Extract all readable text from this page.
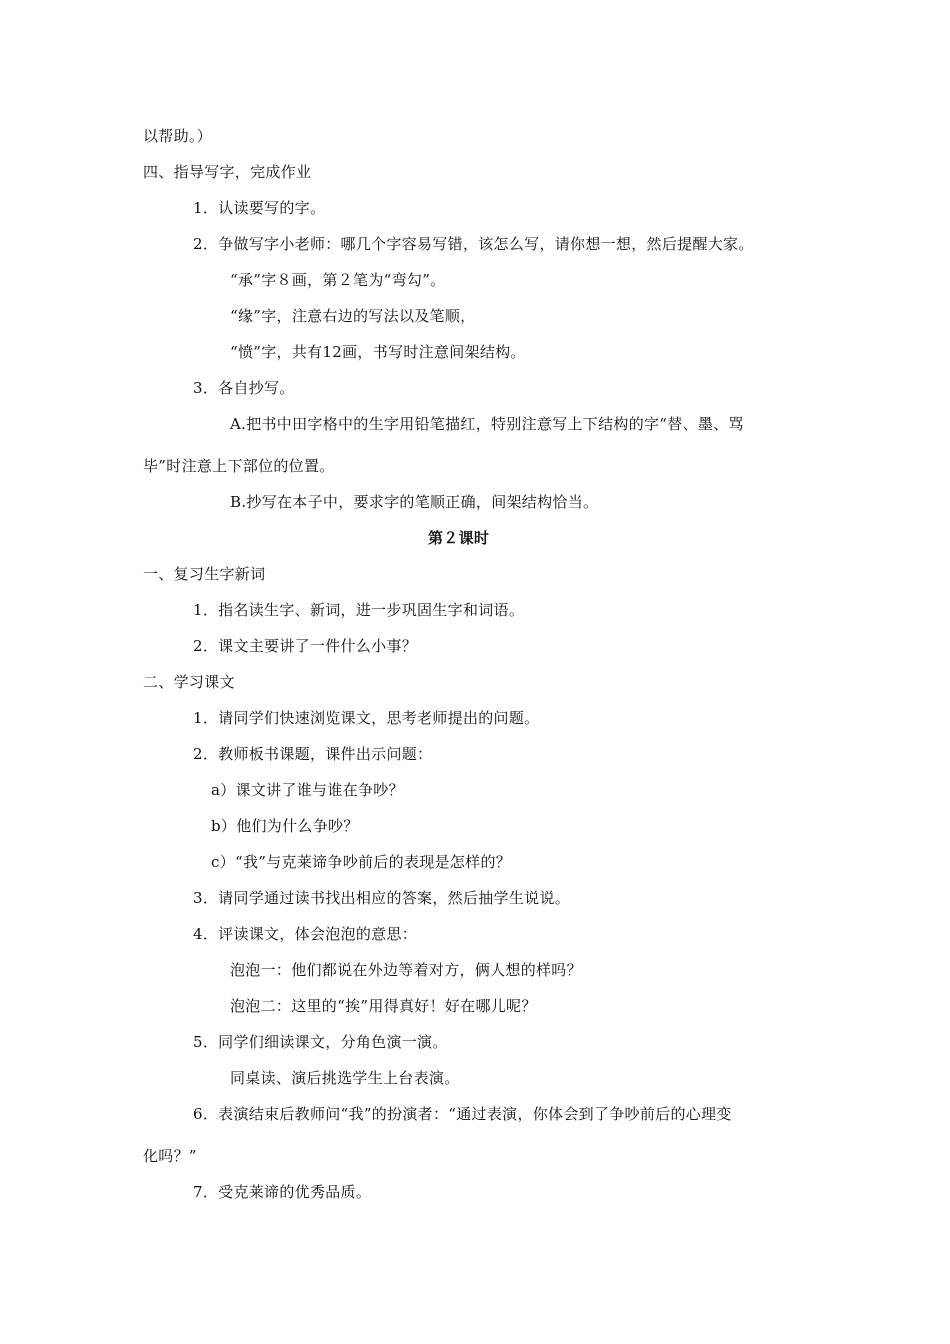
以帮助。）
四、指导写字，完成作业
1．认读要写的字。
2．争做写字小老师：哪几个字容易写错，该怎么写，请你想一想，然后提醒大家。
“承”字８画，第２笔为“弯勾”。
“缘”字，注意右边的写法以及笔顺，
“愤”字，共有12画，书写时注意间架结构。
3．各自抄写。
A.把书中田字格中的生字用铅笔描红，特别注意写上下结构的字“替、墨、骂
毕”时注意上下部位的位置。
B.抄写在本子中，要求字的笔顺正确，间架结构恰当。
第２课时
一、复习生字新词
1．指名读生字、新词，进一步巩固生字和词语。
2．课文主要讲了一件什么小事？
二、学习课文
1．请同学们快速浏览课文，思考老师提出的问题。
2．教师板书课题，课件出示问题：
a）课文讲了谁与谁在争吵？
b）他们为什么争吵？
c）“我”与克莱谛争吵前后的表现是怎样的？
3．请同学通过读书找出相应的答案，然后抽学生说说。
4．评读课文，体会泡泡的意思：
泡泡一：他们都说在外边等着对方，俩人想的样吗？
泡泡二：这里的“挨”用得真好！好在哪儿呢？
5．同学们细读课文，分角色演一演。
同桌读、演后挑选学生上台表演。
6．表演结束后教师问“我”的扮演者：“通过表演，你体会到了争吵前后的心理变
化吗？”
7．受克莱谛的优秀品质。
